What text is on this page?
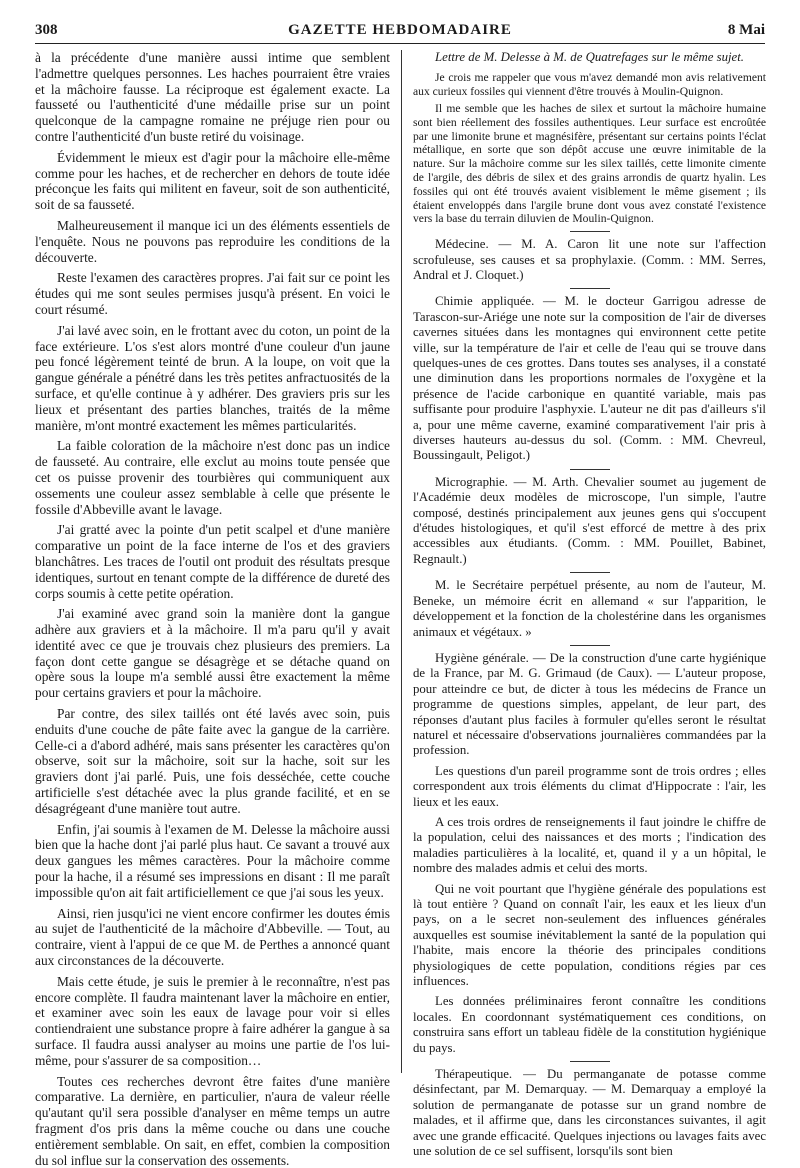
308	GAZETTE HEBDOMADAIRE	8 Mai

à la précédente d'une manière aussi intime que semblent l'admettre quelques personnes. Les haches pourraient être vraies et la mâchoire fausse. La réciproque est également exacte. La fausseté ou l'authenticité d'une médaille prise sur un point quelconque de la campagne romaine ne préjuge rien pour ou contre l'authenticité d'un buste retiré du voisinage.

Évidemment le mieux est d'agir pour la mâchoire elle-même comme pour les haches, et de rechercher en dehors de toute idée préconçue les faits qui militent en faveur, soit de son authenticité, soit de sa fausseté.

Malheureusement il manque ici un des éléments essentiels de l'enquête. Nous ne pouvons pas reproduire les conditions de la découverte.

Reste l'examen des caractères propres. J'ai fait sur ce point les études qui me sont seules permises jusqu'à présent. En voici le court résumé.

J'ai lavé avec soin, en le frottant avec du coton, un point de la face extérieure. L'os s'est alors montré d'une couleur d'un jaune peu foncé légèrement teinté de brun. A la loupe, on voit que la gangue générale a pénétré dans les très petites anfractuosités de la surface, et qu'elle continue à y adhérer. Des graviers pris sur les lieux et présentant des parties blanches, traités de la même manière, m'ont montré exactement les mêmes particularités.

La faible coloration de la mâchoire n'est donc pas un indice de fausseté. Au contraire, elle exclut au moins toute pensée que cet os puisse provenir des tourbières qui communiquent aux ossements une couleur assez semblable à celle que présente le fossile d'Abbeville avant le lavage.

J'ai gratté avec la pointe d'un petit scalpel et d'une manière comparative un point de la face interne de l'os et des graviers blanchâtres. Les traces de l'outil ont produit des résultats presque identiques, surtout en tenant compte de la différence de dureté des corps soumis à cette petite opération.

J'ai examiné avec grand soin la manière dont la gangue adhère aux graviers et à la mâchoire. Il m'a paru qu'il y avait identité avec ce que je trouvais chez plusieurs des premiers. La façon dont cette gangue se désagrège et se détache quand on opère sous la loupe m'a semblé aussi être exactement la même pour certains graviers et pour la mâchoire.

Par contre, des silex taillés ont été lavés avec soin, puis enduits d'une couche de pâte faite avec la gangue de la carrière. Celle-ci a d'abord adhéré, mais sans présenter les caractères qu'on observe, soit sur la mâchoire, soit sur la hache, soit sur les graviers dont j'ai parlé. Puis, une fois desséchée, cette couche artificielle s'est détachée avec la plus grande facilité, et en se désagrégeant d'une manière tout autre.

Enfin, j'ai soumis à l'examen de M. Delesse la mâchoire aussi bien que la hache dont j'ai parlé plus haut. Ce savant a trouvé aux deux gangues les mêmes caractères. Pour la mâchoire comme pour la hache, il a résumé ses impressions en disant : Il me paraît impossible qu'on ait fait artificiellement ce que j'ai sous les yeux.

Ainsi, rien jusqu'ici ne vient encore confirmer les doutes émis au sujet de l'authenticité de la mâchoire d'Abbeville. — Tout, au contraire, vient à l'appui de ce que M. de Perthes a annoncé quant aux circonstances de la découverte.

Mais cette étude, je suis le premier à le reconnaître, n'est pas encore complète. Il faudra maintenant laver la mâchoire en entier, et examiner avec soin les eaux de lavage pour voir si elles contiendraient une substance propre à faire adhérer la gangue à sa surface. Il faudra aussi analyser au moins une partie de l'os lui-même, pour s'assurer de sa composition…

Toutes ces recherches devront être faites d'une manière comparative. La dernière, en particulier, n'aura de valeur réelle qu'autant qu'il sera possible d'analyser en même temps un autre fragment d'os pris dans la même couche ou dans une couche entièrement semblable. On sait, en effet, combien la composition du sol influe sur la conservation des ossements.

Lettre de M. Delesse à M. de Quatrefages sur le même sujet.

Je crois me rappeler que vous m'avez demandé mon avis relativement aux curieux fossiles qui viennent d'être trouvés à Moulin-Quignon.

Il me semble que les haches de silex et surtout la mâchoire humaine sont bien réellement des fossiles authentiques. Leur surface est encroûtée par une limonite brune et magnésifère, présentant sur certains points l'éclat métallique, en sorte que son dépôt accuse une œuvre inimitable de la nature. Sur la mâchoire comme sur les silex taillés, cette limonite cimente de l'argile, des débris de silex et des grains arrondis de quartz hyalin. Les fossiles qui ont été trouvés avaient visiblement le même gisement ; ils étaient enveloppés dans l'argile brune dont vous avez constaté l'existence vers la base du terrain diluvien de Moulin-Quignon.

Médecine. — M. A. Caron lit une note sur l'affection scrofuleuse, ses causes et sa prophylaxie. (Comm. : MM. Serres, Andral et J. Cloquet.)

Chimie appliquée. — M. le docteur Garrigou adresse de Tarascon-sur-Ariége une note sur la composition de l'air de diverses cavernes situées dans les montagnes qui environnent cette petite ville, sur la température de l'air et celle de l'eau qui se trouve dans quelques-unes de ces grottes. Dans toutes ses analyses, il a constaté une diminution dans les proportions normales de l'oxygène et la présence de l'acide carbonique en quantité variable, mais pas suffisante pour produire l'asphyxie. L'auteur ne dit pas d'ailleurs s'il a, pour une même caverne, examiné comparativement l'air pris à diverses hauteurs au-dessus du sol. (Comm. : MM. Chevreul, Boussingault, Peligot.)

Micrographie. — M. Arth. Chevalier soumet au jugement de l'Académie deux modèles de microscope, l'un simple, l'autre composé, destinés principalement aux jeunes gens qui s'occupent d'études histologiques, et qu'il s'est efforcé de mettre à des prix accessibles aux étudiants. (Comm. : MM. Pouillet, Babinet, Regnault.)

M. le Secrétaire perpétuel présente, au nom de l'auteur, M. Beneke, un mémoire écrit en allemand « sur l'apparition, le développement et la fonction de la cholestérine dans les organismes animaux et végétaux. »

Hygiène générale. — De la construction d'une carte hygiénique de la France, par M. G. Grimaud (de Caux). — L'auteur propose, pour atteindre ce but, de dicter à tous les médecins de France un programme de questions simples, appelant, de leur part, des réponses d'autant plus faciles à formuler qu'elles seront le résultat naturel et nécessaire d'observations journalières commandées par la profession.

Les questions d'un pareil programme sont de trois ordres ; elles correspondent aux trois éléments du climat d'Hippocrate : l'air, les lieux et les eaux.

A ces trois ordres de renseignements il faut joindre le chiffre de la population, celui des naissances et des morts ; l'indication des maladies particulières à la localité, et, quand il y a un hôpital, le nombre des malades admis et celui des morts.

Qui ne voit pourtant que l'hygiène générale des populations est là tout entière ? Quand on connaît l'air, les eaux et les lieux d'un pays, on a le secret non-seulement des influences générales auxquelles est soumise inévitablement la santé de la population qui l'habite, mais encore la théorie des principales conditions physiologiques de cette population, conditions régies par ces influences.

Les données préliminaires feront connaître les conditions locales. En coordonnant systématiquement ces conditions, on construira sans effort un tableau fidèle de la constitution hygiénique du pays.

Thérapeutique. — Du permanganate de potasse comme désinfectant, par M. Demarquay. — M. Demarquay a employé la solution de permanganate de potasse sur un grand nombre de malades, et il affirme que, dans les circonstances suivantes, il agit avec une grande efficacité. Quelques injections ou lavages faits avec une solution de ce sel suffisent, lorsqu'ils sont bien
